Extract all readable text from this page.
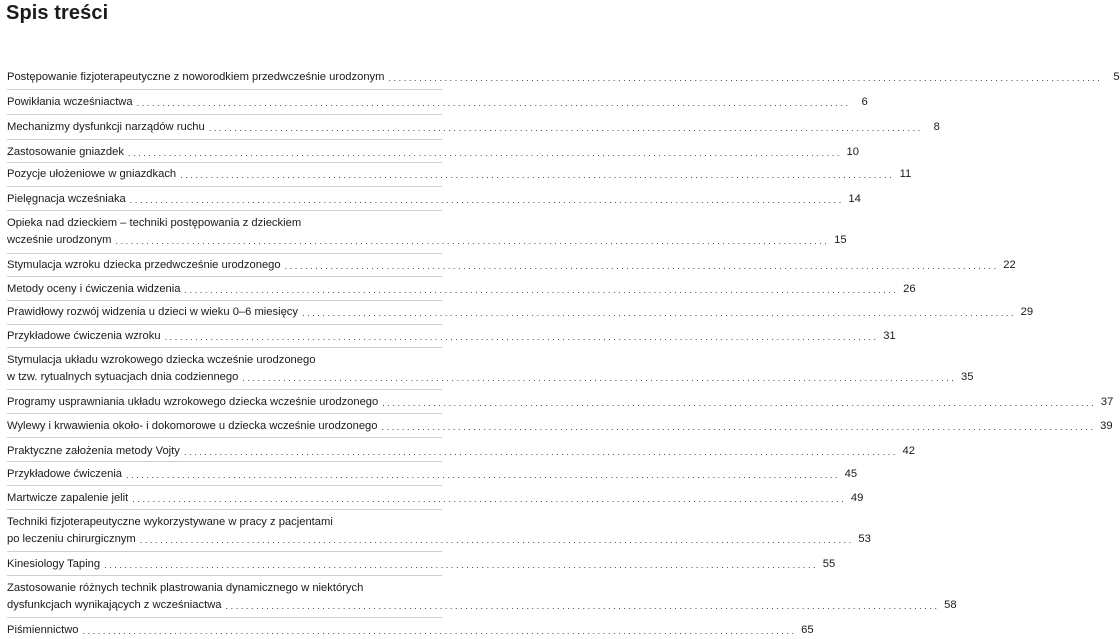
Spis treści
Postępowanie fizjoterapeutyczne z noworodkiem przedwcześnie urodzonym ............................................................................................................................................ 5
Powikłania wcześniactwa ............................................................................................................................................ 6
Mechanizmy dysfunkcji narządów ruchu ............................................................................................................................................ 8
Zastosowanie gniazdek ............................................................................................................................................ 10
Pozycje ułożeniowe w gniazdkach ............................................................................................................................................ 11
Pielęgnacja wcześniaka ............................................................................................................................................ 14
Opieka nad dzieckiem – techniki postępowania z dzieckiem
wcześnie urodzonym ............................................................................................................................................ 15
Stymulacja wzroku dziecka przedwcześnie urodzonego ............................................................................................................................................ 22
Metody oceny i ćwiczenia widzenia ............................................................................................................................................ 26
Prawidłowy rozwój widzenia u dzieci w wieku 0–6 miesięcy ............................................................................................................................................ 29
Przykładowe ćwiczenia wzroku ............................................................................................................................................ 31
Stymulacja układu wzrokowego dziecka wcześnie urodzonego
w tzw. rytualnych sytuacjach dnia codziennego ............................................................................................................................................ 35
Programy usprawniania układu wzrokowego dziecka wcześnie urodzonego ............................................................................................................................................ 37
Wylewy i krwawienia około- i dokomorowe u dziecka wcześnie urodzonego ............................................................................................................................................ 39
Praktyczne założenia metody Vojty ............................................................................................................................................ 42
Przykładowe ćwiczenia ............................................................................................................................................ 45
Martwicze zapalenie jelit ............................................................................................................................................ 49
Techniki fizjoterapeutyczne wykorzystywane w pracy z pacjentami
po leczeniu chirurgicznym ............................................................................................................................................ 53
Kinesiology Taping ............................................................................................................................................ 55
Zastosowanie różnych technik plastrowania dynamicznego w niektórych
dysfunkcjach wynikających z wcześniactwa ............................................................................................................................................ 58
Piśmiennictwo ............................................................................................................................................ 65
